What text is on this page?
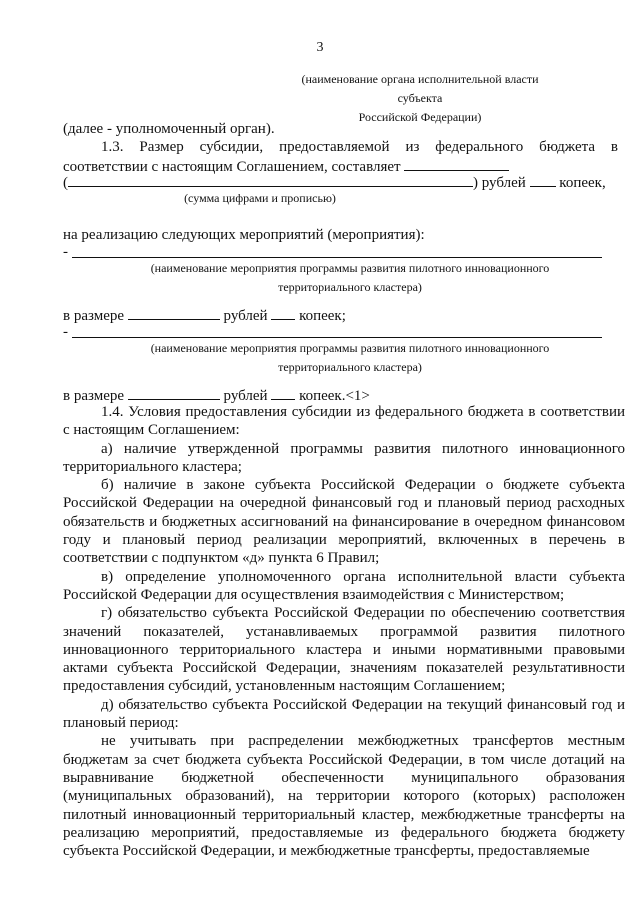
3
(наименование органа исполнительной власти субъекта
Российской Федерации)
(далее - уполномоченный орган).
1.3. Размер субсидии, предоставляемой из федерального бюджета в соответствии с настоящим Соглашением, составляет
(	) рублей копеек,
(сумма цифрами и прописью)
на реализацию следующих мероприятий (мероприятия):
-
(наименование мероприятия программы развития пилотного инновационного
территориального кластера)
в размере	рублей копеек;
-
(наименование мероприятия программы развития пилотного инновационного
территориального кластера)
в размере	рублей копеек.<1>
1.4. Условия предоставления субсидии из федерального бюджета в соответствии с настоящим Соглашением:
а) наличие утвержденной программы развития пилотного инновационного территориального кластера;
б) наличие в законе субъекта Российской Федерации о бюджете субъекта Российской Федерации на очередной финансовый год и плановый период расходных обязательств и бюджетных ассигнований на финансирование в очередном финансовом году и плановый период реализации мероприятий, включенных в перечень в соответствии с подпунктом «д» пункта 6 Правил;
в) определение уполномоченного органа исполнительной власти субъекта Российской Федерации для осуществления взаимодействия с Министерством;
г) обязательство субъекта Российской Федерации по обеспечению соответствия значений показателей, устанавливаемых программой развития пилотного инновационного территориального кластера и иными нормативными правовыми актами субъекта Российской Федерации, значениям показателей результативности предоставления субсидий, установленным настоящим Соглашением;
д) обязательство субъекта Российской Федерации на текущий финансовый год и плановый период:
не учитывать при распределении межбюджетных трансфертов местным бюджетам за счет бюджета субъекта Российской Федерации, в том числе дотаций на выравнивание бюджетной обеспеченности муниципального образования (муниципальных образований), на территории которого (которых) расположен пилотный инновационный территориальный кластер, межбюджетные трансферты на реализацию мероприятий, предоставляемые из федерального бюджета бюджету субъекта Российской Федерации, и межбюджетные трансферты, предоставляемые
